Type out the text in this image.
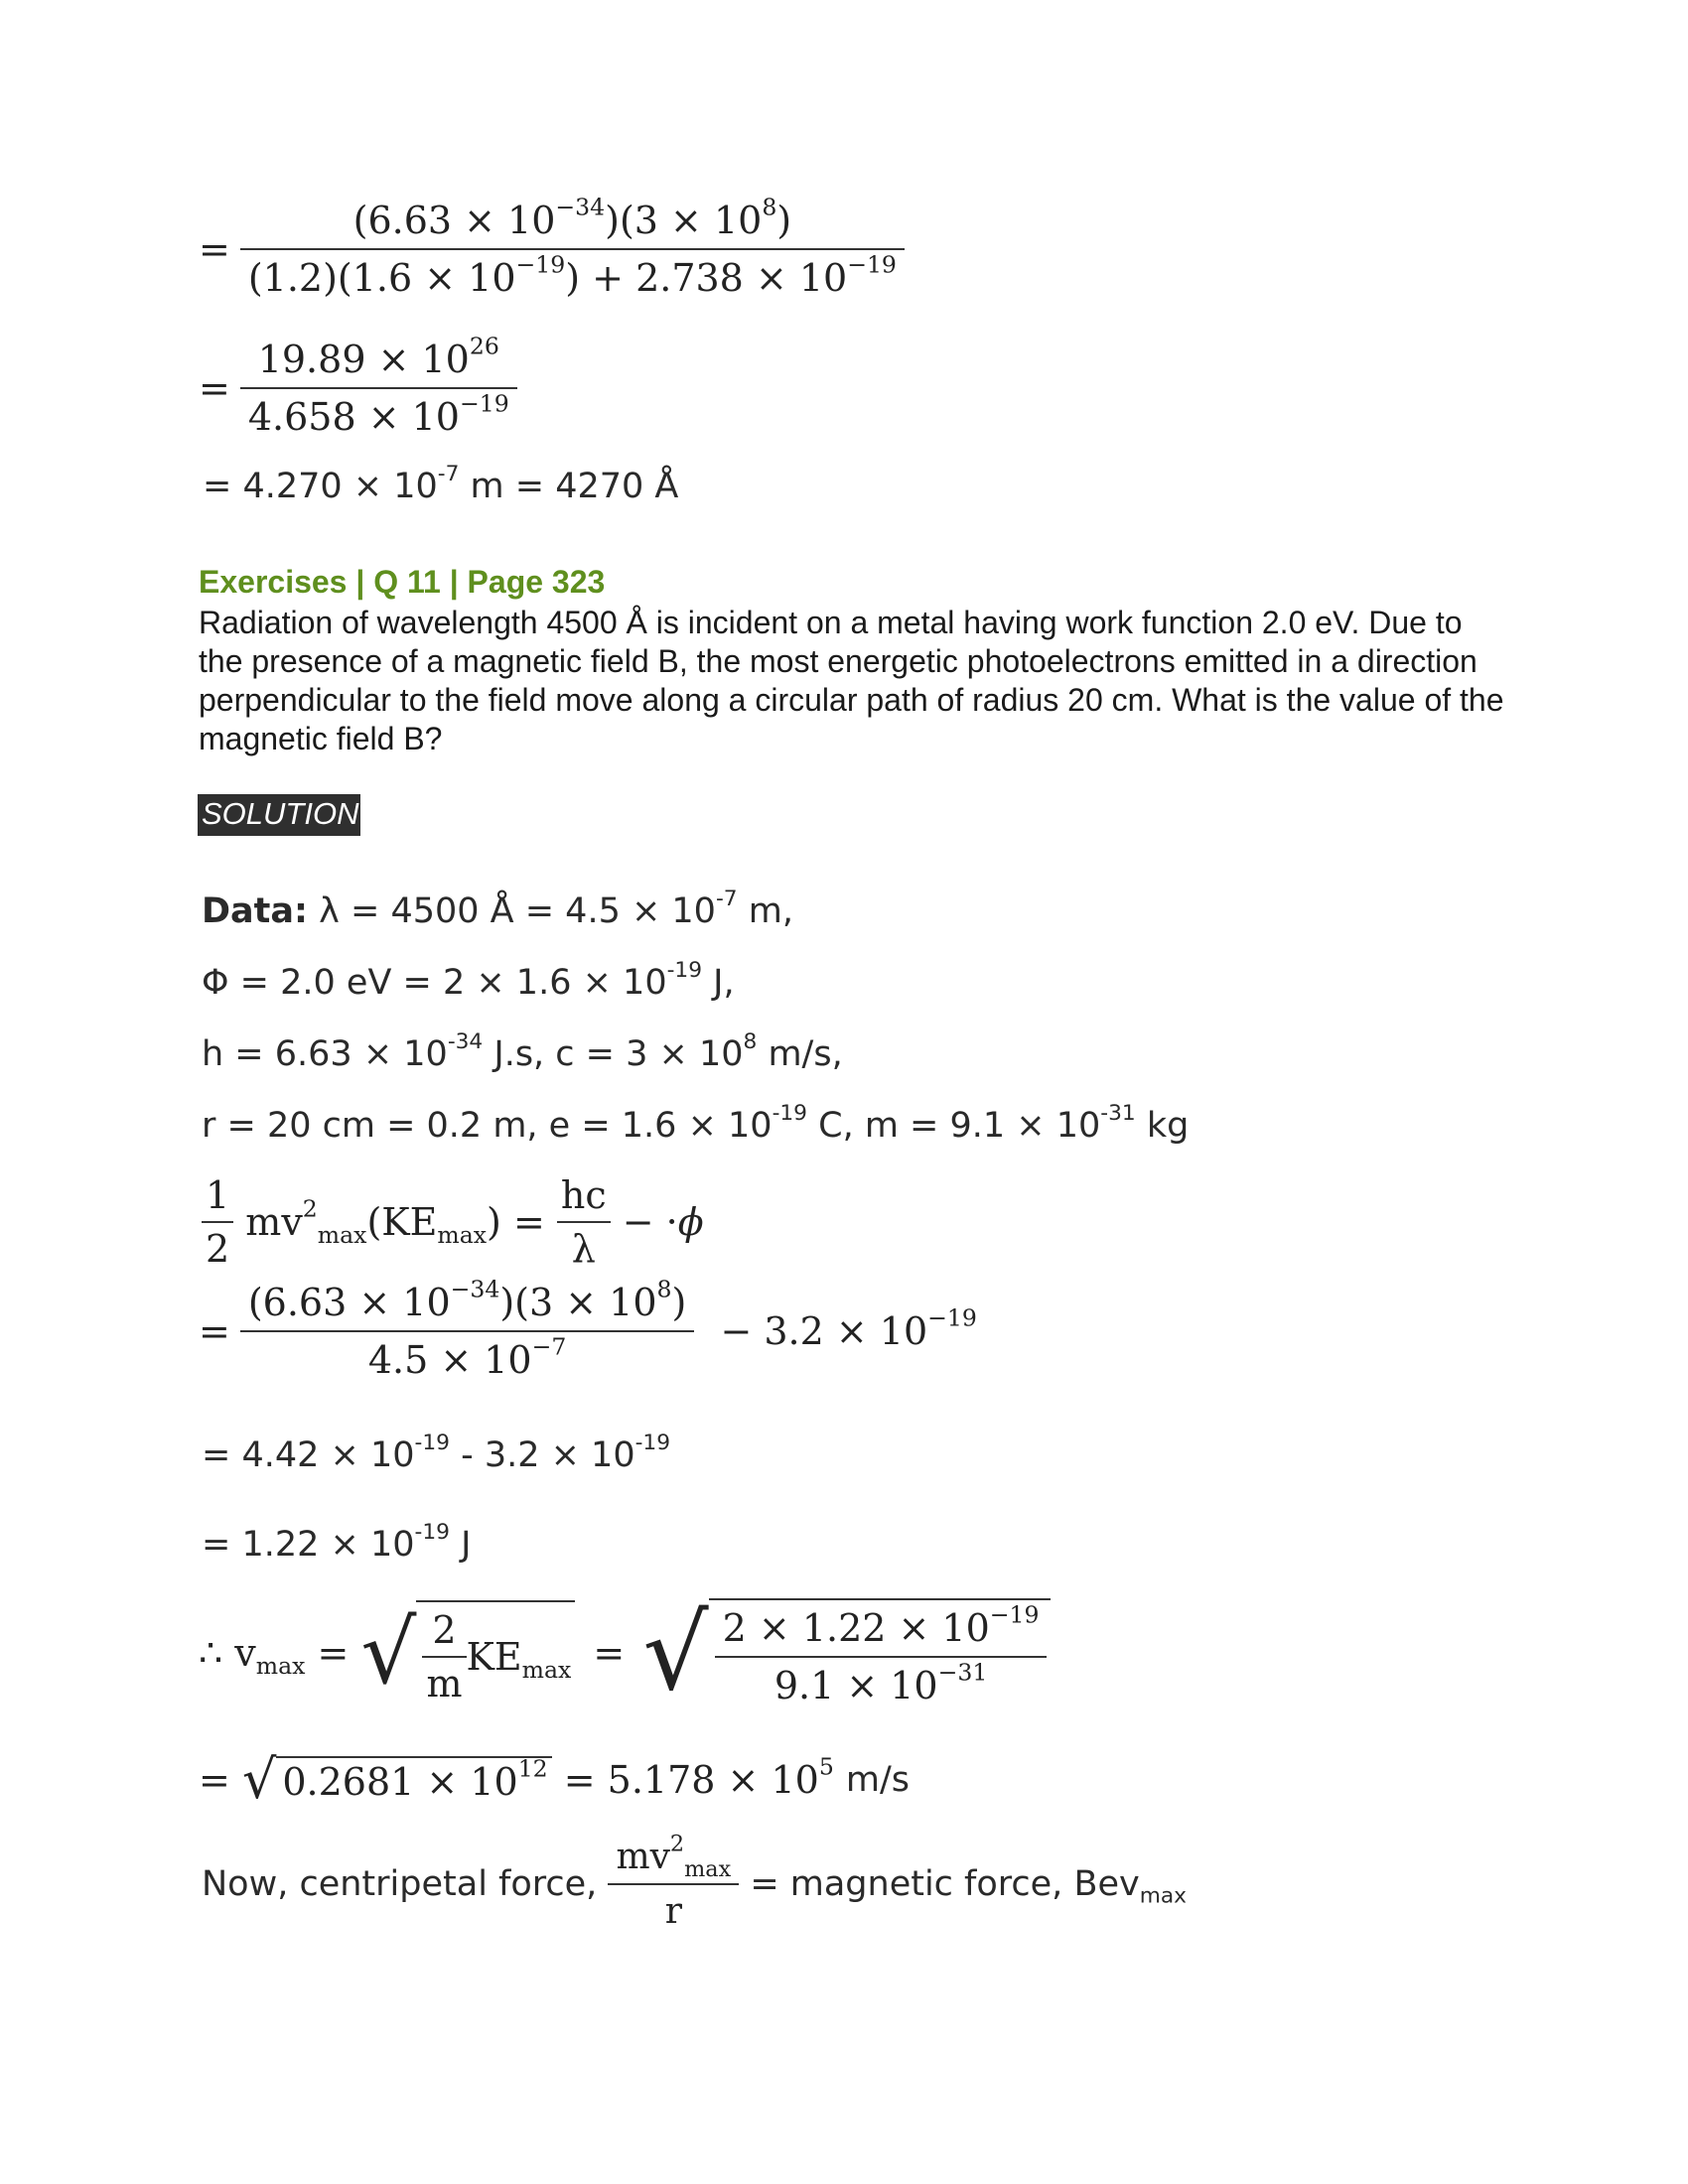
= $\frac{(6.63 \times 10^{-34})(3 \times 10^8)}{(1.2)(1.6 \times 10^{-19}) + 2.738 \times 10^{-19}}$
= $\frac{19.89 \times 10^{26}}{4.658 \times 10^{-19}}$
= $4.270 \times 10^{-7}$ m = 4270 Å
Exercises | Q 11 | Page 323
Radiation of wavelength 4500 Å is incident on a metal having work function 2.0 eV. Due to the presence of a magnetic field B, the most energetic photoelectrons emitted in a direction perpendicular to the field move along a circular path of radius 20 cm. What is the value of the magnetic field B?
SOLUTION
Data: λ = 4500 Å = $4.5 \times 10^{-7}$ m,
Φ = 2.0 eV = $2 \times 1.6 \times 10^{-19}$ J,
$h = 6.63 \times 10^{-34}$ J.s, $c = 3 \times 10^8$ m/s,
r = 20 cm = 0.2 m, $e = 1.6 \times 10^{-19}$ C, $m = 9.1 \times 10^{-31}$ kg
$\frac{1}{2} mv^2_{max}(KE_{max}) = \frac{hc}{\lambda} - \cdot\phi$
= $\frac{(6.63 \times 10^{-34})(3 \times 10^8)}{4.5 \times 10^{-7}} - 3.2 \times 10^{-19}$
= $4.42 \times 10^{-19} - 3.2 \times 10^{-19}$
= $1.22 \times 10^{-19}$ J
∴ $v_{max}$ = √ $\frac{2}{m} KE_{max}$ = √ $\frac{2 \times 1.22 \times 10^{-19}}{9.1 \times 10^{-31}}$
= √ $0.2681 \times 10^{12} = 5.178 \times 10^5$ m/s
Now, centripetal force, $\frac{mv^2_{max}}{r}$ = magnetic force, Bev$_{max}$
